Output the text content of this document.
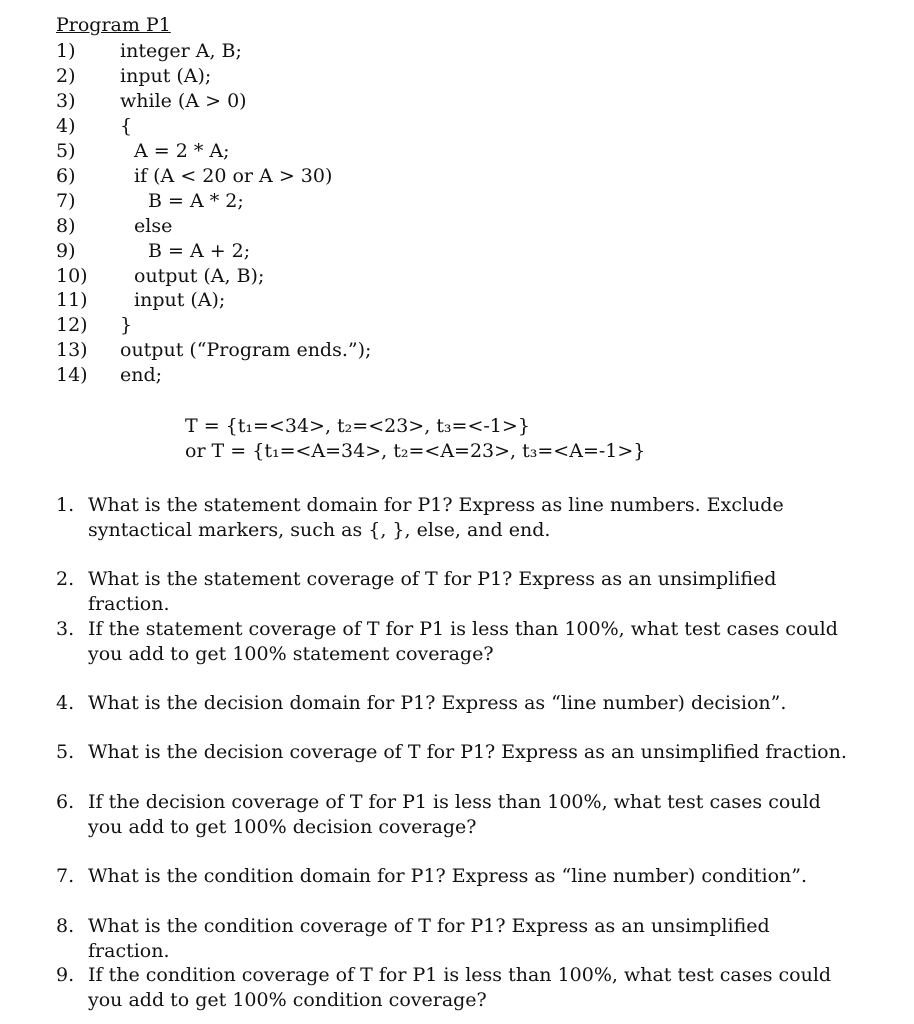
Program P1
1) integer A, B;
2) input (A);
3) while (A > 0)
4) {
5)	A = 2 * A;
6)	if (A < 20 or A > 30)
7)	B = A * 2;
8)	else
9)	B = A + 2;
10) output (A, B);
11) input (A);
12) }
13) output (“Program ends.”);
14) end;
T = {t₁=<34>, t₂=<23>, t₃=<-1>}
or T = {t₁=<A=34>, t₂=<A=23>, t₃=<A=-1>}
1. What is the statement domain for P1? Express as line numbers. Exclude syntactical markers, such as {, }, else, and end.
2. What is the statement coverage of T for P1? Express as an unsimplified fraction.
3. If the statement coverage of T for P1 is less than 100%, what test cases could you add to get 100% statement coverage?
4. What is the decision domain for P1? Express as “line number) decision”.
5. What is the decision coverage of T for P1? Express as an unsimplified fraction.
6. If the decision coverage of T for P1 is less than 100%, what test cases could you add to get 100% decision coverage?
7. What is the condition domain for P1? Express as “line number) condition”.
8. What is the condition coverage of T for P1? Express as an unsimplified fraction.
9. If the condition coverage of T for P1 is less than 100%, what test cases could you add to get 100% condition coverage?
